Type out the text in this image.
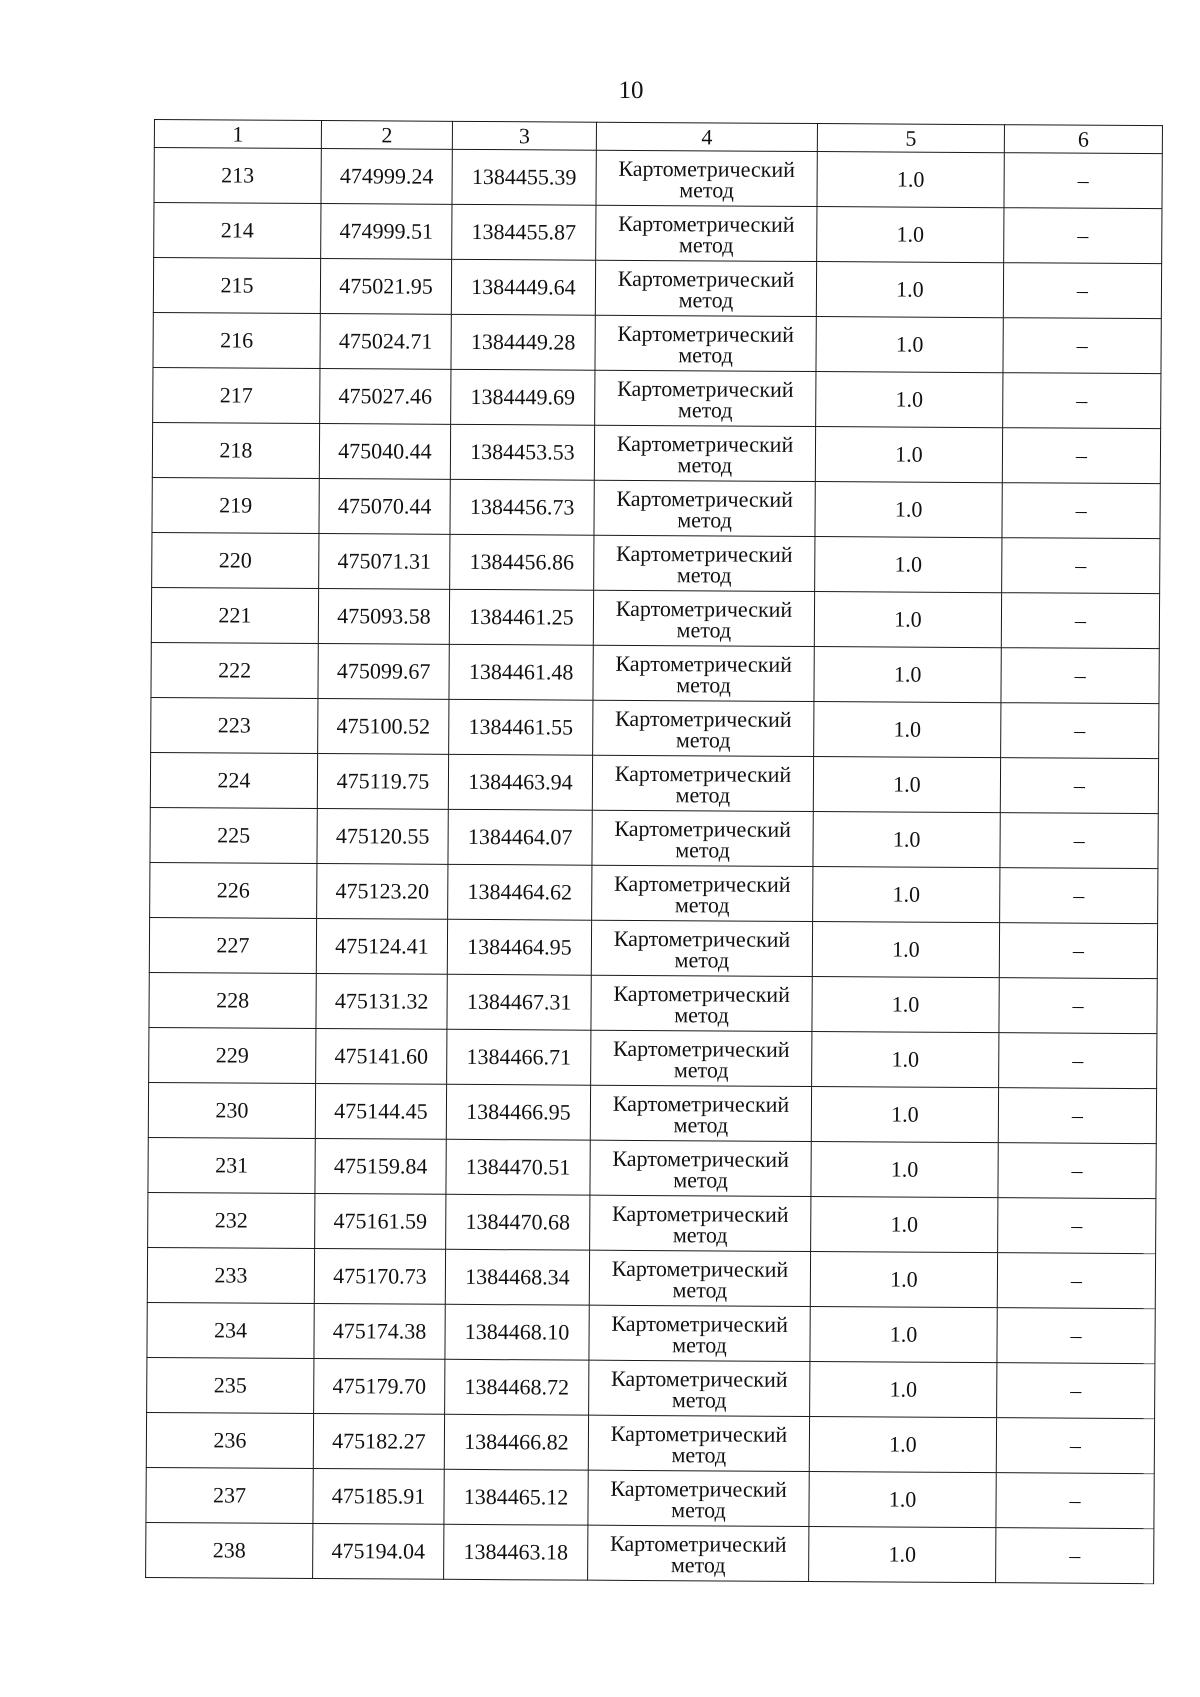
10
1	2	3	4	5	6
213	474999.24	1384455.39	Картометрический метод	1.0	–
214	474999.51	1384455.87	Картометрический метод	1.0	–
215	475021.95	1384449.64	Картометрический метод	1.0	–
216	475024.71	1384449.28	Картометрический метод	1.0	–
217	475027.46	1384449.69	Картометрический метод	1.0	–
218	475040.44	1384453.53	Картометрический метод	1.0	–
219	475070.44	1384456.73	Картометрический метод	1.0	–
220	475071.31	1384456.86	Картометрический метод	1.0	–
221	475093.58	1384461.25	Картометрический метод	1.0	–
222	475099.67	1384461.48	Картометрический метод	1.0	–
223	475100.52	1384461.55	Картометрический метод	1.0	–
224	475119.75	1384463.94	Картометрический метод	1.0	–
225	475120.55	1384464.07	Картометрический метод	1.0	–
226	475123.20	1384464.62	Картометрический метод	1.0	–
227	475124.41	1384464.95	Картометрический метод	1.0	–
228	475131.32	1384467.31	Картометрический метод	1.0	–
229	475141.60	1384466.71	Картометрический метод	1.0	–
230	475144.45	1384466.95	Картометрический метод	1.0	–
231	475159.84	1384470.51	Картометрический метод	1.0	–
232	475161.59	1384470.68	Картометрический метод	1.0	–
233	475170.73	1384468.34	Картометрический метод	1.0	–
234	475174.38	1384468.10	Картометрический метод	1.0	–
235	475179.70	1384468.72	Картометрический метод	1.0	–
236	475182.27	1384466.82	Картометрический метод	1.0	–
237	475185.91	1384465.12	Картометрический метод	1.0	–
238	475194.04	1384463.18	Картометрический метод	1.0	–
